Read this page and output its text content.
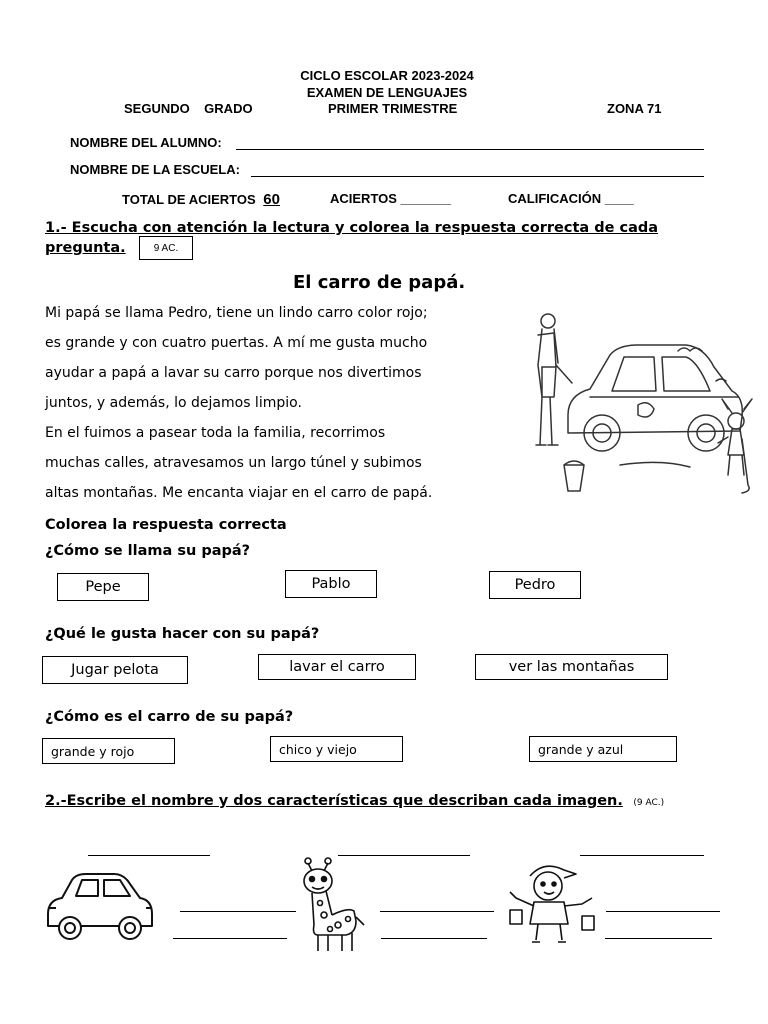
CICLO ESCOLAR 2023-2024
EXAMEN DE LENGUAJES
SEGUNDO    GRADO	PRIMER TRIMESTRE	ZONA 71
NOMBRE DEL ALUMNO:
NOMBRE DE LA ESCUELA:
TOTAL DE ACIERTOS 60	ACIERTOS _______	CALIFICACIÓN ____
1.- Escucha con atención la lectura y colorea la respuesta correcta de cada
pregunta.	9 AC.
El carro de papá.
Mi papá se llama Pedro, tiene un lindo carro color rojo;
es grande y con cuatro puertas. A mí me gusta mucho
ayudar a papá a lavar su carro porque nos divertimos
juntos, y además, lo dejamos limpio.
En el fuimos a pasear toda la familia, recorrimos
muchas calles, atravesamos un largo túnel y subimos
altas montañas. Me encanta viajar en el carro de papá.
Colorea la respuesta correcta
¿Cómo se llama su papá?
Pepe	Pablo	Pedro
¿Qué le gusta hacer con su papá?
Jugar pelota	lavar el carro	ver las montañas
¿Cómo es el carro de su papá?
grande y rojo	chico y viejo	grande y azul
2.-Escribe el nombre y dos características que describan cada imagen. (9 AC.)
